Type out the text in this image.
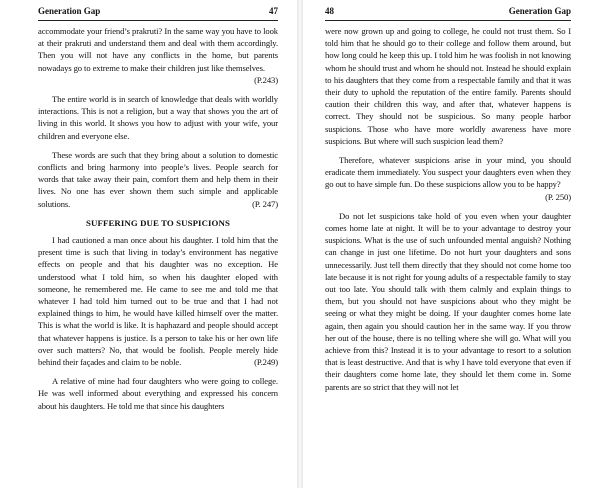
Generation Gap	47

accommodate your friend’s prakruti? In the same way you have to look at their prakruti and understand them and deal with them accordingly. Then you will not have any conflicts in the home, but parents nowadays go to extreme to make their children just like themselves.
(P.243)

The entire world is in search of knowledge that deals with worldly interactions. This is not a religion, but a way that shows you the art of living in this world. It shows you how to adjust with your wife, your children and everyone else.

These words are such that they bring about a solution to domestic conflicts and bring harmony into people’s lives. People search for words that take away their pain, comfort them and help them in their lives. No one has ever shown them such simple and applicable solutions.	(P. 247)

SUFFERING DUE TO SUSPICIONS

I had cautioned a man once about his daughter. I told him that the present time is such that living in today’s environment has negative effects on people and that his daughter was no exception. He understood what I told him, so when his daughter eloped with someone, he remembered me. He came to see me and told me that whatever I had told him turned out to be true and that I had not explained things to him, he would have killed himself over the matter. This is what the world is like. It is haphazard and people should accept that whatever happens is justice. Is a person to take his or her own life over such matters? No, that would be foolish. People merely hide behind their façades and claim to be noble.	(P.249)

A relative of mine had four daughters who were going to college. He was well informed about everything and expressed his concern about his daughters. He told me that since his daughters

48	Generation Gap

were now grown up and going to college, he could not trust them. So I told him that he should go to their college and follow them around, but how long could he keep this up. I told him he was foolish in not knowing whom he should trust and whom he should not. Instead he should explain to his daughters that they come from a respectable family and that it was their duty to uphold the reputation of the entire family. Parents should caution their children this way, and after that, whatever happens is correct. They should not be suspicious. So many people harbor suspicions. Those who have more worldly awareness have more suspicions. But where will such suspicion lead them?

Therefore, whatever suspicions arise in your mind, you should eradicate them immediately. You suspect your daughters even when they go out to have simple fun. Do these suspicions allow you to be happy?
(P. 250)

Do not let suspicions take hold of you even when your daughter comes home late at night. It will be to your advantage to destroy your suspicions. What is the use of such unfounded mental anguish? Nothing can change in just one lifetime. Do not hurt your daughters and sons unnecessarily. Just tell them directly that they should not come home too late because it is not right for young adults of a respectable family to stay out too late. You should talk with them calmly and explain things to them, but you should not have suspicions about who they might be seeing or what they might be doing. If your daughter comes home late again, then again you should caution her in the same way. If you throw her out of the house, there is no telling where she will go. What will you achieve from this? Instead it is to your advantage to resort to a solution that is least destructive. And that is why I have told everyone that even if their daughters come home late, they should let them come in. Some parents are so strict that they will not let
